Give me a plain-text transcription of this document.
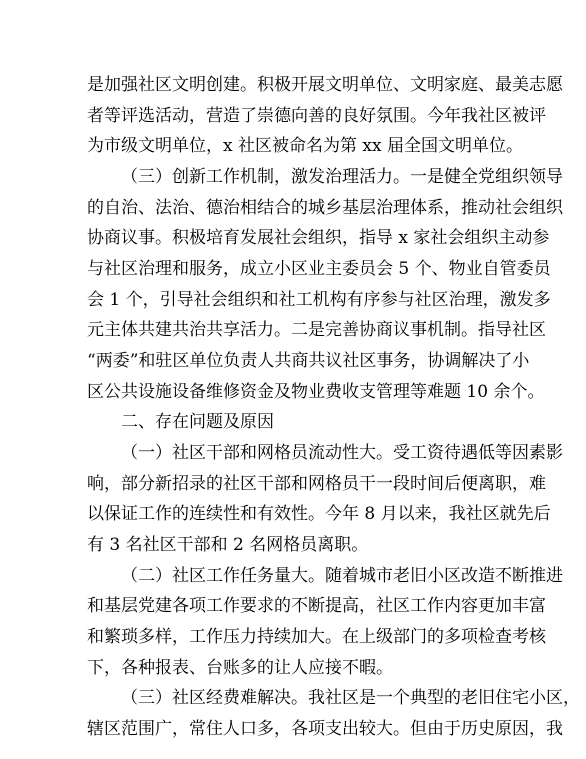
是加强社区文明创建。积极开展文明单位、文明家庭、最美志愿
者等评选活动，营造了崇德向善的良好氛围。今年我社区被评
为市级文明单位，x 社区被命名为第 xx 届全国文明单位。
（三）创新工作机制，激发治理活力。一是健全党组织领导
的自治、法治、德治相结合的城乡基层治理体系，推动社会组织
协商议事。积极培育发展社会组织，指导 x 家社会组织主动参
与社区治理和服务，成立小区业主委员会 5 个、物业自管委员
会 1 个，引导社会组织和社工机构有序参与社区治理，激发多
元主体共建共治共享活力。二是完善协商议事机制。指导社区
“两委”和驻区单位负责人共商共议社区事务，协调解决了小
区公共设施设备维修资金及物业费收支管理等难题 10 余个。
二、存在问题及原因
（一）社区干部和网格员流动性大。受工资待遇低等因素影
响，部分新招录的社区干部和网格员干一段时间后便离职，难
以保证工作的连续性和有效性。今年 8 月以来，我社区就先后
有 3 名社区干部和 2 名网格员离职。
（二）社区工作任务量大。随着城市老旧小区改造不断推进
和基层党建各项工作要求的不断提高，社区工作内容更加丰富
和繁琐多样，工作压力持续加大。在上级部门的多项检查考核
下，各种报表、台账多的让人应接不暇。
（三）社区经费难解决。我社区是一个典型的老旧住宅小区，
辖区范围广，常住人口多，各项支出较大。但由于历史原因，我
